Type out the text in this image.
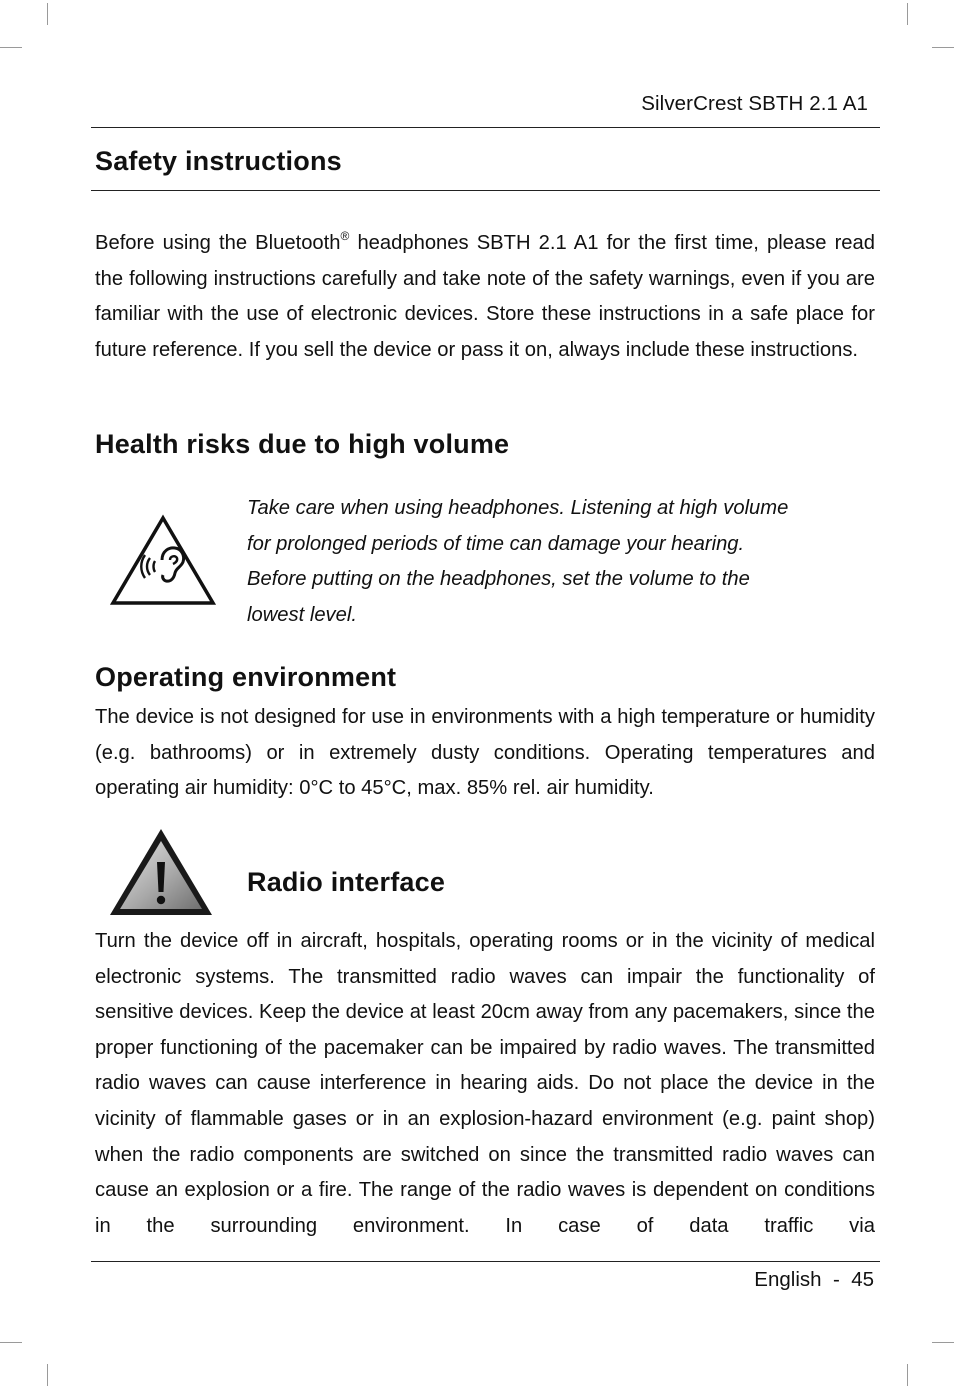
SilverCrest SBTH 2.1 A1
Safety instructions

Before using the Bluetooth® headphones SBTH 2.1 A1 for the first time, please read the following instructions carefully and take note of the safety warnings, even if you are familiar with the use of electronic devices. Store these instructions in a safe place for future reference. If you sell the device or pass it on, always include these instructions.

Health risks due to high volume
Take care when using headphones. Listening at high volume
for prolonged periods of time can damage your hearing.
Before putting on the headphones, set the volume to the
lowest level.
Operating environment

The device is not designed for use in environments with a high temperature or humidity (e.g. bathrooms) or in extremely dusty conditions. Operating temperatures and operating air humidity: 0°C to 45°C, max. 85% rel. air humidity.

Radio interface

Turn the device off in aircraft, hospitals, operating rooms or in the vicinity of medical electronic systems. The transmitted radio waves can impair the functionality of sensitive devices. Keep the device at least 20cm away from any pacemakers, since the proper functioning of the pacemaker can be impaired by radio waves. The transmitted radio waves can cause interference in hearing aids. Do not place the device in the vicinity of flammable gases or in an explosion-hazard environment (e.g. paint shop) when the radio components are switched on since the transmitted radio waves can cause an explosion or a fire. The range of the radio waves is dependent on conditions in the surrounding environment. In case of data traffic via

English - 45
